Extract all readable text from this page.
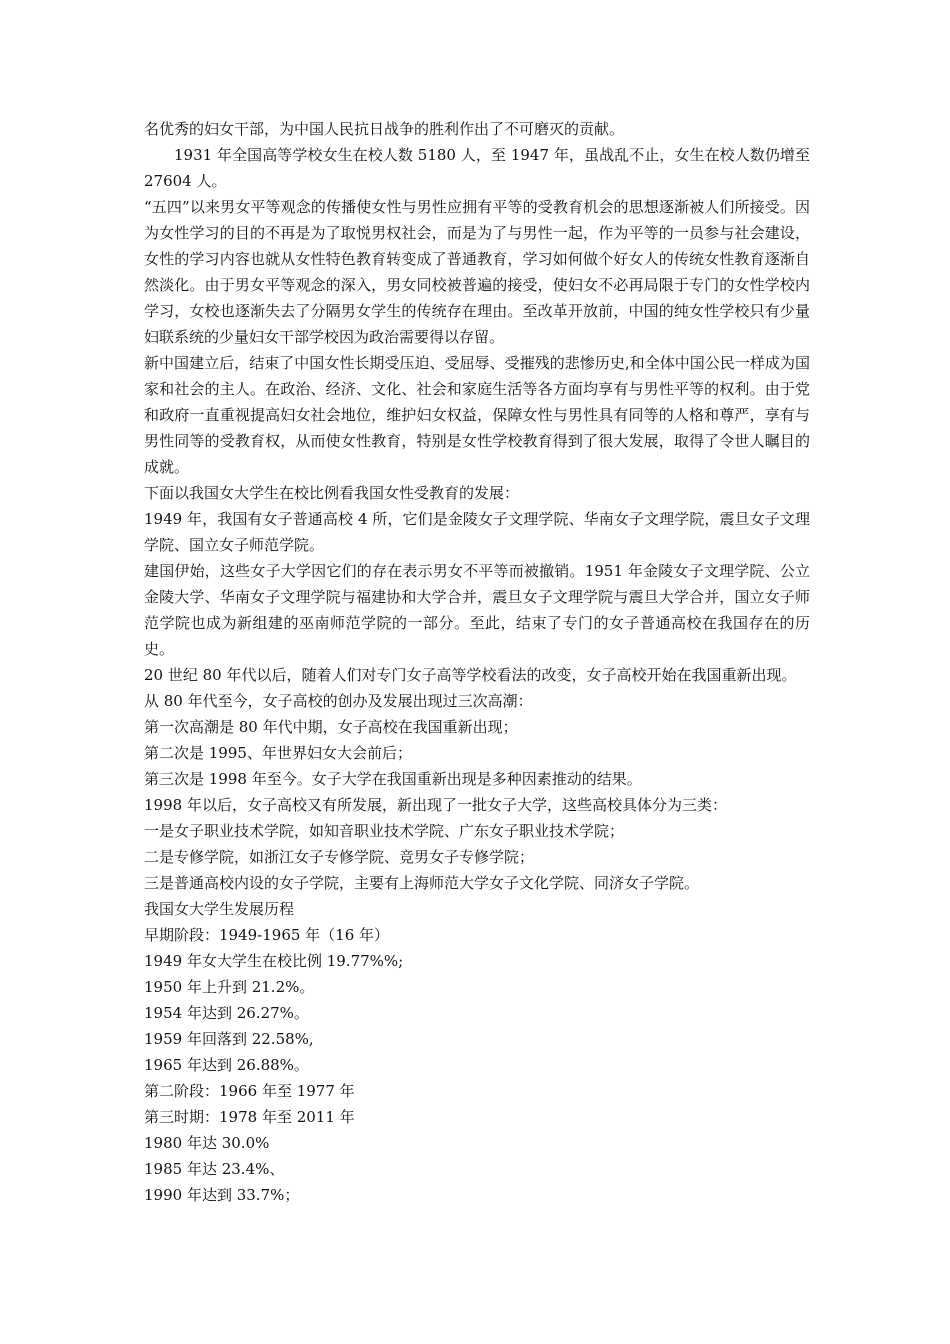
名优秀的妇女干部，为中国人民抗日战争的胜利作出了不可磨灭的贡献。

1931 年全国高等学校女生在校人数 5180 人，至 1947 年，虽战乱不止，女生在校人数仍增至 27604 人。

“五四”以来男女平等观念的传播使女性与男性应拥有平等的受教育机会的思想逐渐被人们所接受。因为女性学习的目的不再是为了取悦男权社会，而是为了与男性一起，作为平等的一员参与社会建设，女性的学习内容也就从女性特色教育转变成了普通教育，学习如何做个好女人的传统女性教育逐渐自然淡化。由于男女平等观念的深入，男女同校被普遍的接受，使妇女不必再局限于专门的女性学校内学习，女校也逐渐失去了分隔男女学生的传统存在理由。至改革开放前，中国的纯女性学校只有少量妇联系统的少量妇女干部学校因为政治需要得以存留。

新中国建立后，结束了中国女性长期受压迫、受屈辱、受摧残的悲惨历史,和全体中国公民一样成为国家和社会的主人。在政治、经济、文化、社会和家庭生活等各方面均享有与男性平等的权利。由于党和政府一直重视提高妇女社会地位，维护妇女权益，保障女性与男性具有同等的人格和尊严，享有与男性同等的受教育权，从而使女性教育，特别是女性学校教育得到了很大发展，取得了令世人瞩目的成就。

下面以我国女大学生在校比例看我国女性受教育的发展：

1949 年，我国有女子普通高校 4 所，它们是金陵女子文理学院、华南女子文理学院，震旦女子文理学院、国立女子师范学院。

建国伊始，这些女子大学因它们的存在表示男女不平等而被撤销。1951 年金陵女子文理学院、公立金陵大学、华南女子文理学院与福建协和大学合并，震旦女子文理学院与震旦大学合并，国立女子师范学院也成为新组建的巫南师范学院的一部分。至此，结束了专门的女子普通高校在我国存在的历史。

20 世纪 80 年代以后，随着人们对专门女子高等学校看法的改变，女子高校开始在我国重新出现。

从 80 年代至今，女子高校的创办及发展出现过三次高潮：

第一次高潮是 80 年代中期，女子高校在我国重新出现；

第二次是 1995、年世界妇女大会前后；

第三次是 1998 年至今。女子大学在我国重新出现是多种因素推动的结果。

1998 年以后，女子高校又有所发展，新出现了一批女子大学，这些高校具体分为三类：

一是女子职业技术学院，如知音职业技术学院、广东女子职业技术学院；

二是专修学院，如浙江女子专修学院、竞男女子专修学院；

三是普通高校内设的女子学院，主要有上海师范大学女子文化学院、同济女子学院。

我国女大学生发展历程

早期阶段：1949-1965 年（16 年）

1949 年女大学生在校比例 19.77%%;

1950 年上升到 21.2%。

1954 年达到 26.27%。

1959 年回落到 22.58%,

1965 年达到 26.88%。

第二阶段：1966 年至 1977 年

第三时期：1978 年至 2011 年

1980 年达 30.0%

1985 年达 23.4%、

1990 年达到 33.7%；
